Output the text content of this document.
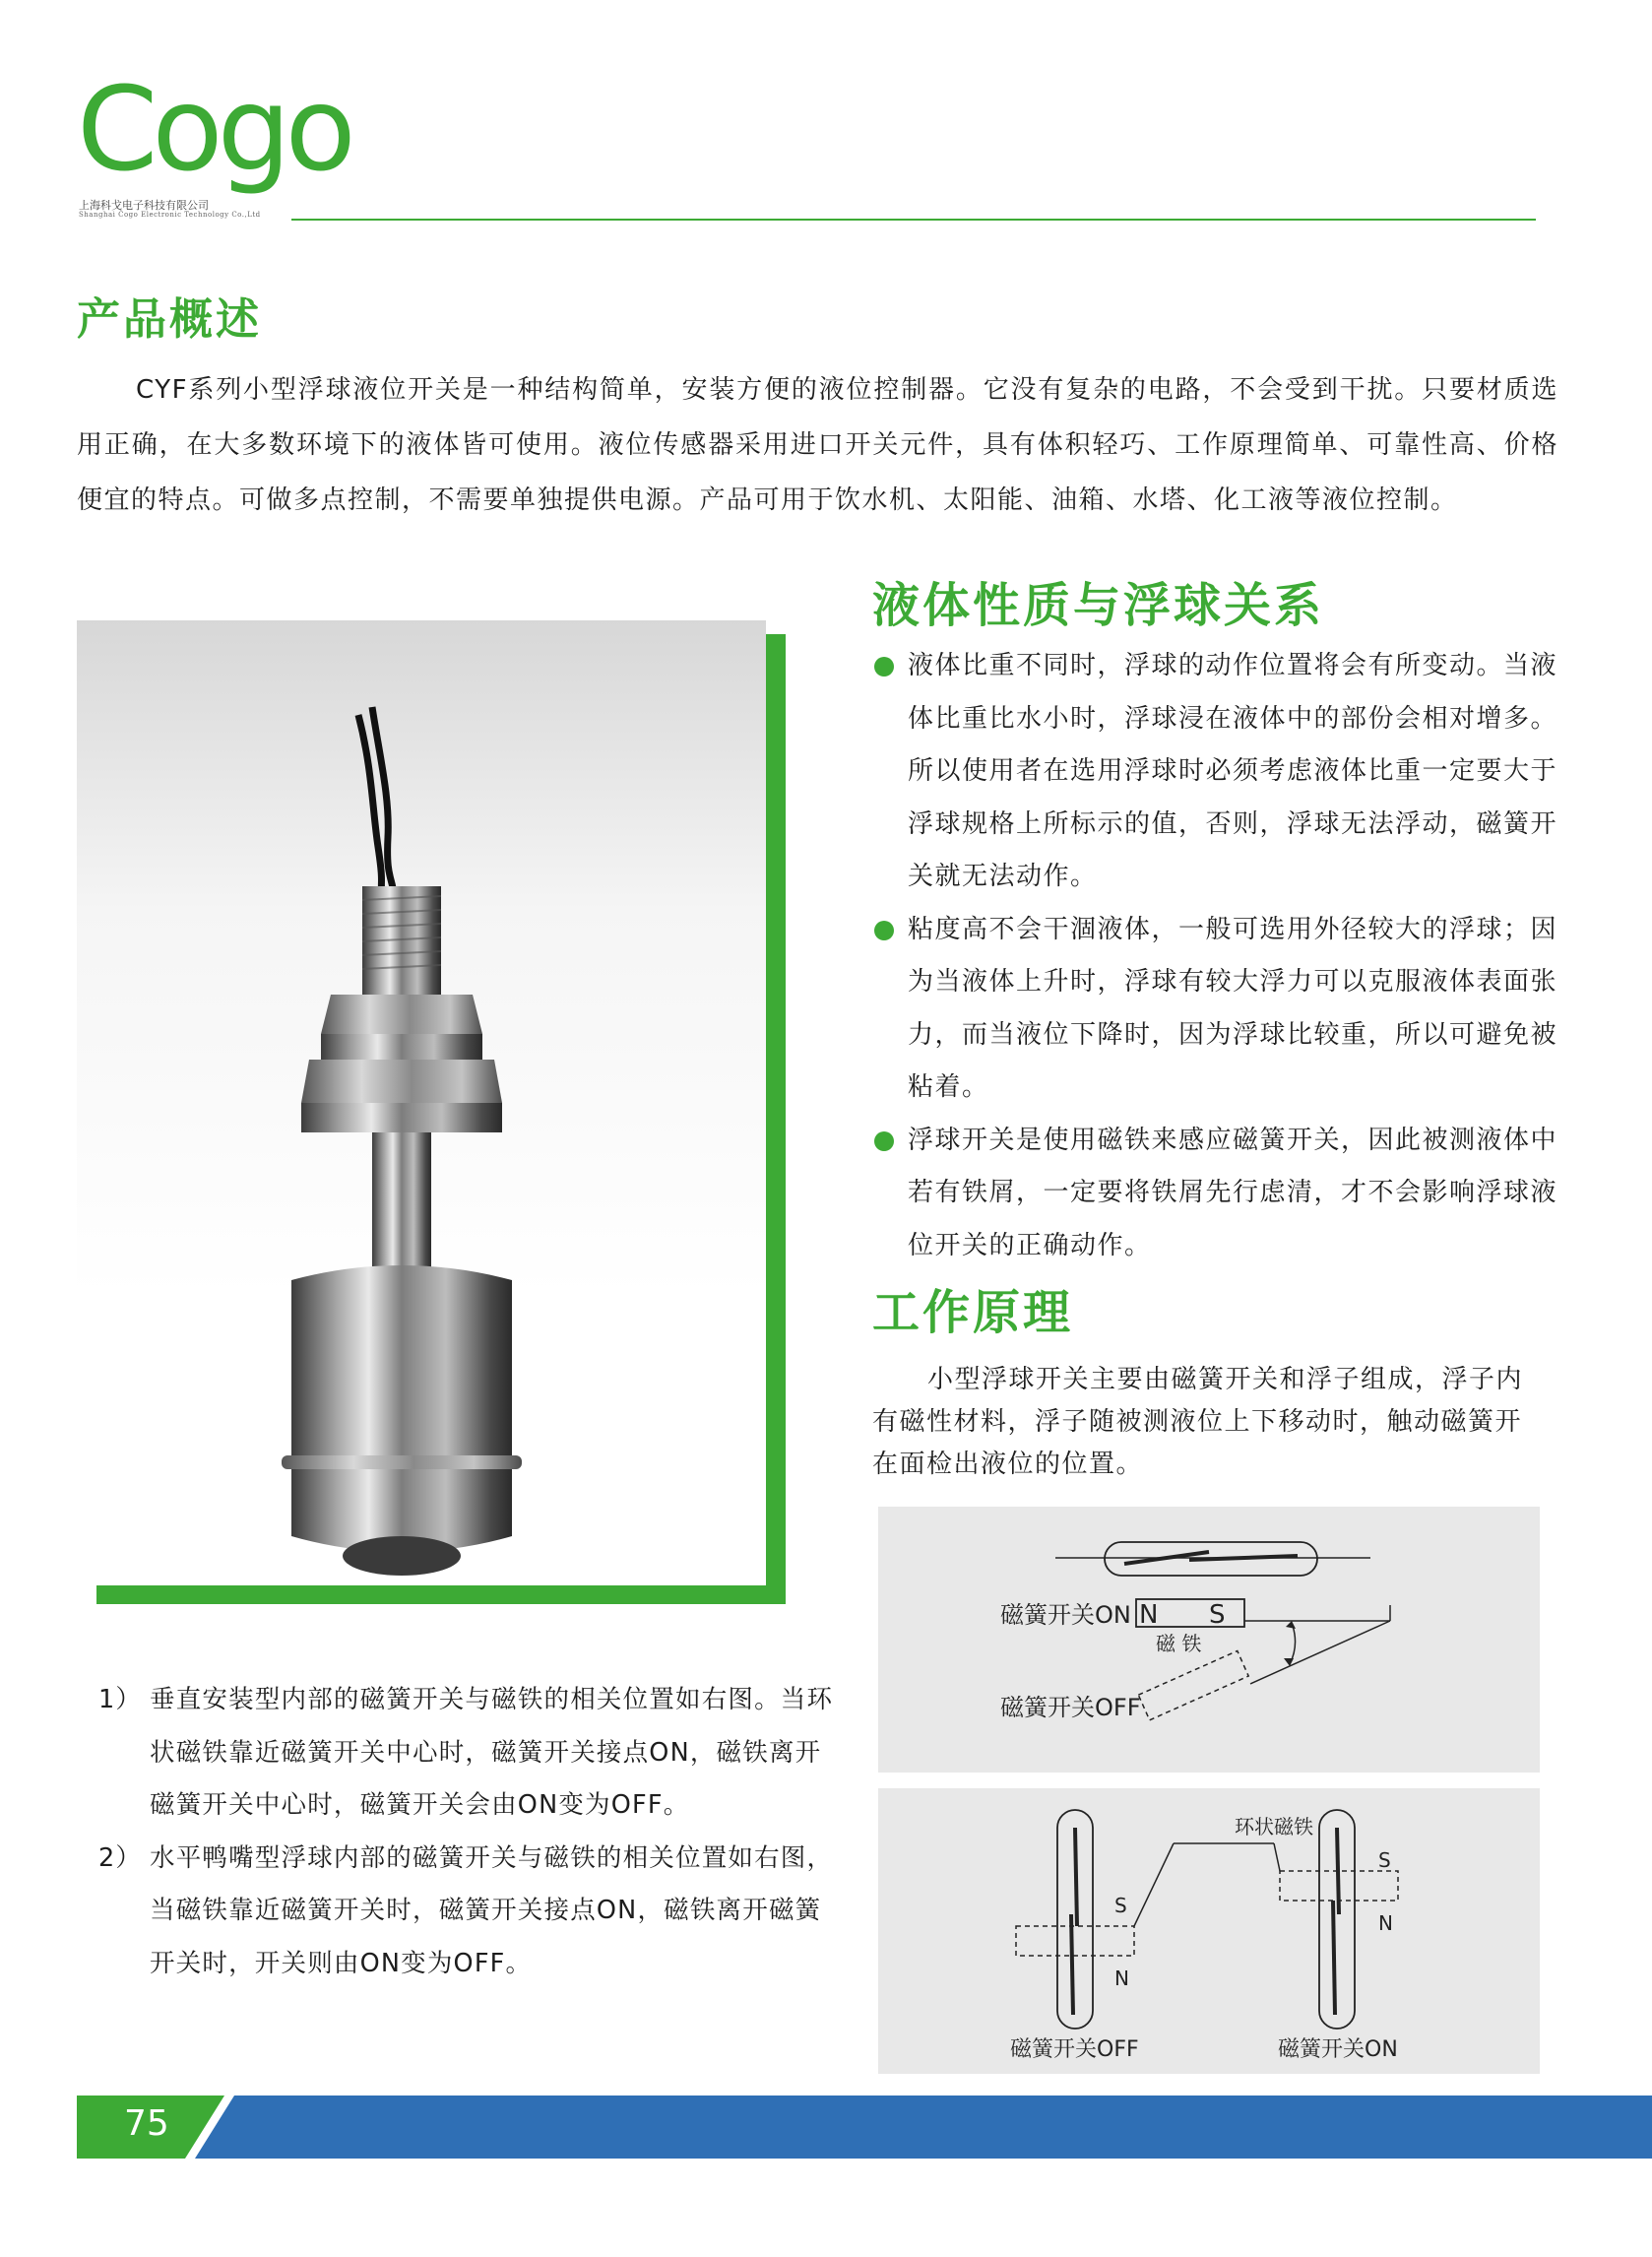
Cogo
上海科戈电子科技有限公司
Shanghai Cogo Electronic Technology Co.,Ltd
产品概述
CYF系列小型浮球液位开关是一种结构简单，安装方便的液位控制器。它没有复杂的电路，不会受到干扰。只要材质选用正确，在大多数环境下的液体皆可使用。液位传感器采用进口开关元件，具有体积轻巧、工作原理简单、可靠性高、价格便宜的特点。可做多点控制，不需要单独提供电源。产品可用于饮水机、太阳能、油箱、水塔、化工液等液位控制。
液体性质与浮球关系
液体比重不同时，浮球的动作位置将会有所变动。当液体比重比水小时，浮球浸在液体中的部份会相对增多。所以使用者在选用浮球时必须考虑液体比重一定要大于浮球规格上所标示的值，否则，浮球无法浮动，磁簧开关就无法动作。
粘度高不会干涸液体，一般可选用外径较大的浮球；因为当液体上升时，浮球有较大浮力可以克服液体表面张力，而当液位下降时，因为浮球比较重，所以可避免被粘着。
浮球开关是使用磁铁来感应磁簧开关，因此被测液体中若有铁屑，一定要将铁屑先行虑清，才不会影响浮球液位开关的正确动作。
工作原理
小型浮球开关主要由磁簧开关和浮子组成，浮子内有磁性材料，浮子随被测液位上下移动时，触动磁簧开在面检出液位的位置。
磁簧开关ON N S
磁 铁
磁簧开关OFF
S
N
环状磁铁
S
N
磁簧开关OFF	磁簧开关ON
1） 垂直安装型内部的磁簧开关与磁铁的相关位置如右图。当环状磁铁靠近磁簧开关中心时，磁簧开关接点ON，磁铁离开磁簧开关中心时，磁簧开关会由ON变为OFF。
2） 水平鸭嘴型浮球内部的磁簧开关与磁铁的相关位置如右图，当磁铁靠近磁簧开关时，磁簧开关接点ON，磁铁离开磁簧开关时，开关则由ON变为OFF。
75
